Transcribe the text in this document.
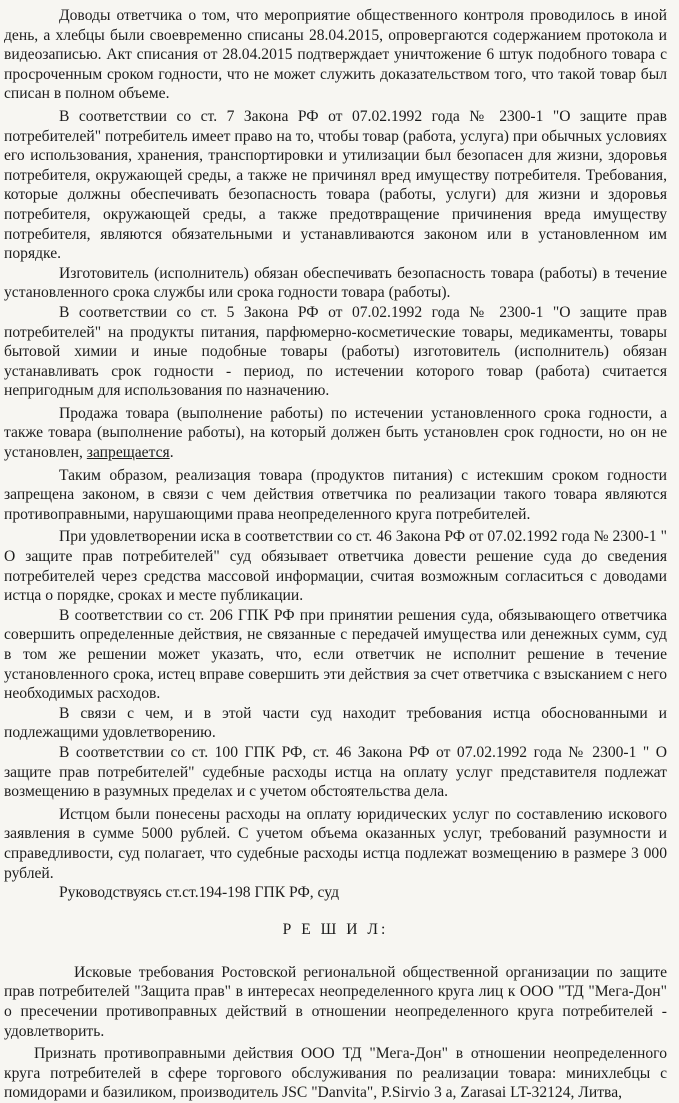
Доводы ответчика о том, что мероприятие общественного контроля проводилось в иной день, а хлебцы были своевременно списаны 28.04.2015, опровергаются содержанием протокола и видеозаписью. Акт списания от 28.04.2015 подтверждает уничтожение 6 штук подобного товара с просроченным сроком годности, что не может служить доказательством того, что такой товар был списан в полном объеме.

В соответствии со ст. 7 Закона РФ от 07.02.1992 года № 2300-1 "О защите прав потребителей" потребитель имеет право на то, чтобы товар (работа, услуга) при обычных условиях его использования, хранения, транспортировки и утилизации был безопасен для жизни, здоровья потребителя, окружающей среды, а также не причинял вред имуществу потребителя. Требования, которые должны обеспечивать безопасность товара (работы, услуги) для жизни и здоровья потребителя, окружающей среды, а также предотвращение причинения вреда имуществу потребителя, являются обязательными и устанавливаются законом или в установленном им порядке.

Изготовитель (исполнитель) обязан обеспечивать безопасность товара (работы) в течение установленного срока службы или срока годности товара (работы).

В соответствии со ст. 5 Закона РФ от 07.02.1992 года № 2300-1 "О защите прав потребителей" на продукты питания, парфюмерно-косметические товары, медикаменты, товары бытовой химии и иные подобные товары (работы) изготовитель (исполнитель) обязан устанавливать срок годности - период, по истечении которого товар (работа) считается непригодным для использования по назначению.

Продажа товара (выполнение работы) по истечении установленного срока годности, а также товара (выполнение работы), на который должен быть установлен срок годности, но он не установлен, запрещается.

Таким образом, реализация товара (продуктов питания) с истекшим сроком годности запрещена законом, в связи с чем действия ответчика по реализации такого товара являются противоправными, нарушающими права неопределенного круга потребителей.

При удовлетворении иска в соответствии со ст. 46 Закона РФ от 07.02.1992 года № 2300-1 " О защите прав потребителей" суд обязывает ответчика довести решение суда до сведения потребителей через средства массовой информации, считая возможным согласиться с доводами истца о порядке, сроках и месте публикации.

В соответствии со ст. 206 ГПК РФ при принятии решения суда, обязывающего ответчика совершить определенные действия, не связанные с передачей имущества или денежных сумм, суд в том же решении может указать, что, если ответчик не исполнит решение в течение установленного срока, истец вправе совершить эти действия за счет ответчика с взысканием с него необходимых расходов.

В связи с чем, и в этой части суд находит требования истца обоснованными и подлежащими удовлетворению.

В соответствии со ст. 100 ГПК РФ, ст. 46 Закона РФ от 07.02.1992 года № 2300-1 " О защите прав потребителей" судебные расходы истца на оплату услуг представителя подлежат возмещению в разумных пределах и с учетом обстоятельства дела.

Истцом были понесены расходы на оплату юридических услуг по составлению искового заявления в сумме 5000 рублей. С учетом объема оказанных услуг, требований разумности и справедливости, суд полагает, что судебные расходы истца подлежат возмещению в размере 3 000 рублей.

Руководствуясь ст.ст.194-198 ГПК РФ, суд

Р Е Ш И Л:

Исковые требования Ростовской региональной общественной организации по защите прав потребителей "Защита прав" в интересах неопределенного круга лиц к ООО "ТД "Мега-Дон" о пресечении противоправных действий в отношении неопределенного круга потребителей - удовлетворить.

Признать противоправными действия ООО ТД "Мега-Дон" в отношении неопределенного круга потребителей в сфере торгового обслуживания по реализации товара: минихлебцы с помидорами и базиликом, производитель JSC "Danvita", P.Sirvio 3 a, Zarasai LT-32124, Литва,
